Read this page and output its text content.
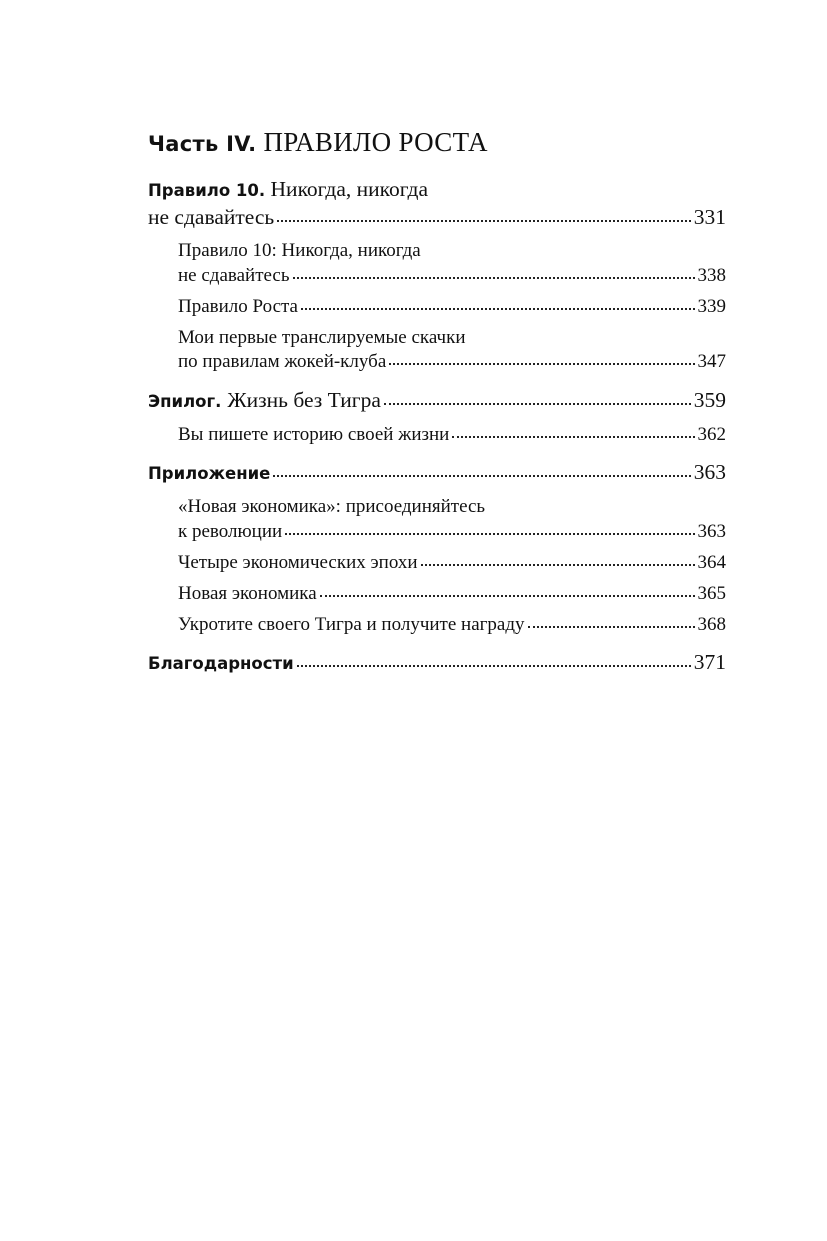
Часть IV. ПРАВИЛО РОСТА
Правило 10. Никогда, никогда
не сдавайтесь	331
Правило 10: Никогда, никогда
не сдавайтесь	338
Правило Роста	339
Мои первые транслируемые скачки
по правилам жокей-клуба	347
Эпилог. Жизнь без Тигра	359
Вы пишете историю своей жизни	362
Приложение	363
«Новая экономика»: присоединяйтесь
к революции	363
Четыре экономических эпохи	364
Новая экономика	365
Укротите своего Тигра и получите награду	368
Благодарности	371
